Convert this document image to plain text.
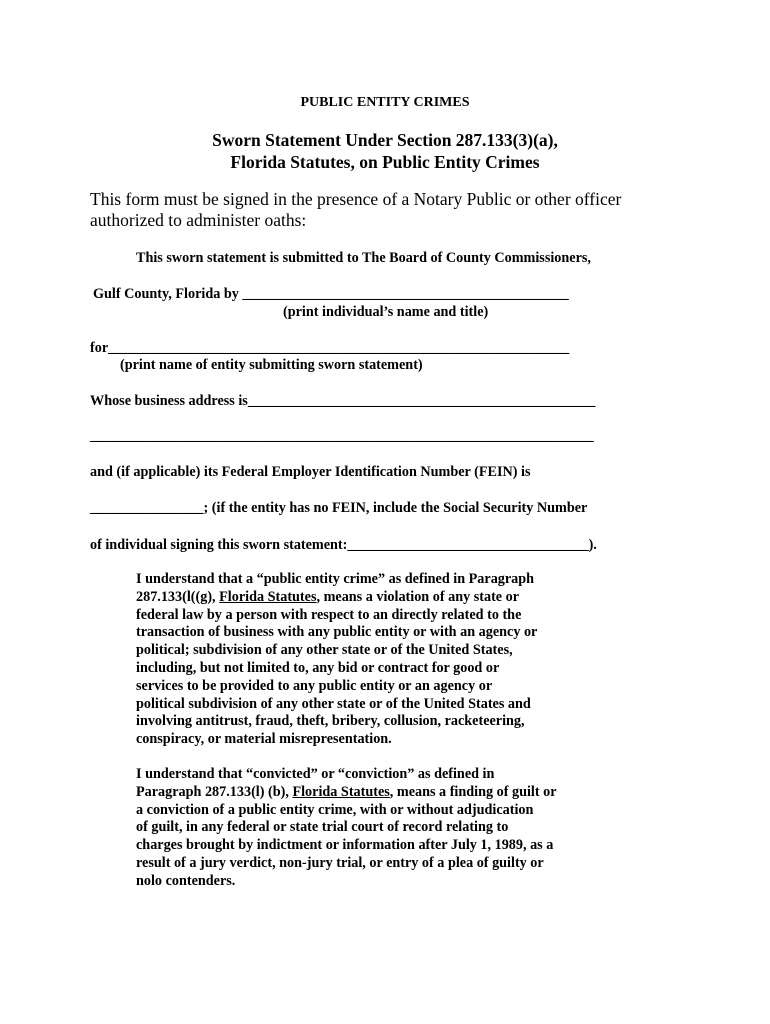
PUBLIC ENTITY CRIMES
Sworn Statement Under Section 287.133(3)(a),
Florida Statutes, on Public Entity Crimes
This form must be signed in the presence of a Notary Public or other officer
authorized to administer oaths:
This sworn statement is submitted to The Board of County Commissioners,
Gulf County, Florida by ______________________________________________
(print individual’s name and title)
for_________________________________________________________________
(print name of entity submitting sworn statement)
Whose business address is_________________________________________________
_______________________________________________________________________
and (if applicable) its Federal Employer Identification Number (FEIN) is
________________; (if the entity has no FEIN, include the Social Security Number
of individual signing this sworn statement:__________________________________).
I understand that a “public entity crime” as defined in Paragraph
287.133(l((g), Florida Statutes, means a violation of any state or
federal law by a person with respect to an directly related to the
transaction of business with any public entity or with an agency or
political; subdivision of any other state or of the United States,
including, but not limited to, any bid or contract for good or
services to be provided to any public entity or an agency or
political subdivision of any other state or of the United States and
involving antitrust, fraud, theft, bribery, collusion, racketeering,
conspiracy, or material misrepresentation.
I understand that “convicted” or “conviction” as defined in
Paragraph 287.133(l) (b), Florida Statutes, means a finding of guilt or
a conviction of a public entity crime, with or without adjudication
of guilt, in any federal or state trial court of record relating to
charges brought by indictment or information after July 1, 1989, as a
result of a jury verdict, non-jury trial, or entry of a plea of guilty or
nolo contenders.
